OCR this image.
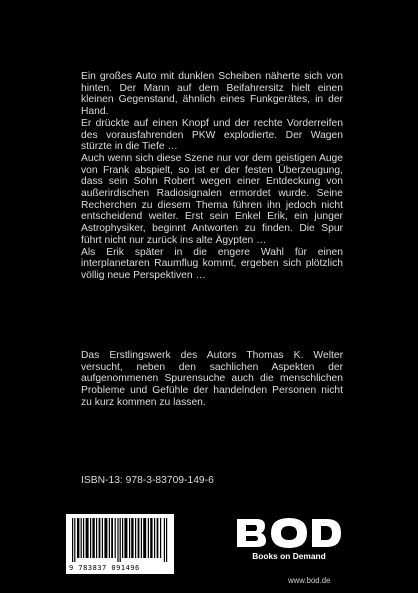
Ein großes Auto mit dunklen Scheiben näherte sich von hinten. Der Mann auf dem Beifahrersitz hielt einen kleinen Gegenstand, ähnlich eines Funkgerätes, in der Hand.

Er drückte auf einen Knopf und der rechte Vorderreifen des vorausfahrenden PKW explodierte. Der Wagen stürzte in die Tiefe …

Auch wenn sich diese Szene nur vor dem geistigen Auge von Frank abspielt, so ist er der festen Überzeugung, dass sein Sohn Robert wegen einer Entdeckung von außerirdischen Radiosignalen ermordet wurde. Seine Recherchen zu diesem Thema führen ihn jedoch nicht entscheidend weiter. Erst sein Enkel Erik, ein junger Astrophysiker, beginnt Antworten zu finden. Die Spur führt nicht nur zurück ins alte Ägypten …

Als Erik später in die engere Wahl für einen interplanetaren Raumflug kommt, ergeben sich plötzlich völlig neue Perspektiven …

Das Erstlingswerk des Autors Thomas K. Welter versucht, neben den sachlichen Aspekten der aufgenommenen Spurensuche auch die menschlichen Probleme und Gefühle der handelnden Personen nicht zu kurz kommen zu lassen.

ISBN-13: 978-3-83709-149-6
9 783837 091496
Books on Demand
www.bod.de
